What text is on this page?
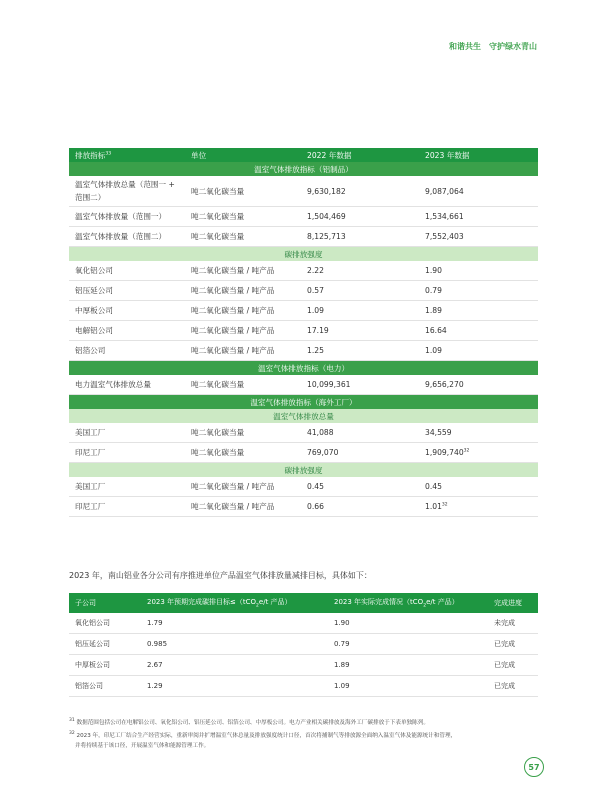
和谐共生　守护绿水青山
排放指标$^{33}$	单位	2022 年数据	2023 年数据
温室气体排放指标（铝制品）			
温室气体排放总量（范围一 + 范围二）	吨二氧化碳当量	9,630,182	9,087,064
温室气体排放量（范围一）	吨二氧化碳当量	1,504,469	1,534,661
温室气体排放量（范围二）	吨二氧化碳当量	8,125,713	7,552,403
碳排放强度			
氧化铝公司	吨二氧化碳当量 / 吨产品	2.22	1.90
铝压延公司	吨二氧化碳当量 / 吨产品	0.57	0.79
中厚板公司	吨二氧化碳当量 / 吨产品	1.09	1.89
电解铝公司	吨二氧化碳当量 / 吨产品	17.19	16.64
铝箔公司	吨二氧化碳当量 / 吨产品	1.25	1.09
温室气体排放指标（电力）			
电力温室气体排放总量	吨二氧化碳当量	10,099,361	9,656,270
温室气体排放指标（海外工厂）			
温室气体排放总量			
美国工厂	吨二氧化碳当量	41,088	34,559
印尼工厂	吨二氧化碳当量	769,070	1,909,740$^{32}$
碳排放强度			
美国工厂	吨二氧化碳当量 / 吨产品	0.45	0.45
印尼工厂	吨二氧化碳当量 / 吨产品	0.66	1.01$^{32}$
2023 年，南山铝业各分公司有序推进单位产品温室气体排放量减排目标，具体如下：
子公司	2023 年预期完成碳排目标≤（tCO$_2$e/t 产品）	2023 年实际完成情况（tCO$_2$e/t 产品）	完成进度
氧化铝公司	1.79	1.90	未完成
铝压延公司	0.985	0.79	已完成
中厚板公司	2.67	1.89	已完成
铝箔公司	1.29	1.09	已完成

$^{31}$ 数据范围包括公司在电解铝公司、氧化铝公司、铝压延公司、铝箔公司、中厚板公司。电力产业相关碳排放及海外工厂碳排放于下表单独陈列。

$^{32}$ 2023 年，印尼工厂结合生产经营实际，重新审阅并扩增温室气体总量及排放强度统计口径，首次将捕制气等排放源全面纳入温室气体及能源统计和管理，

并将持续基于该口径，开展温室气体和能源管理工作。

57
